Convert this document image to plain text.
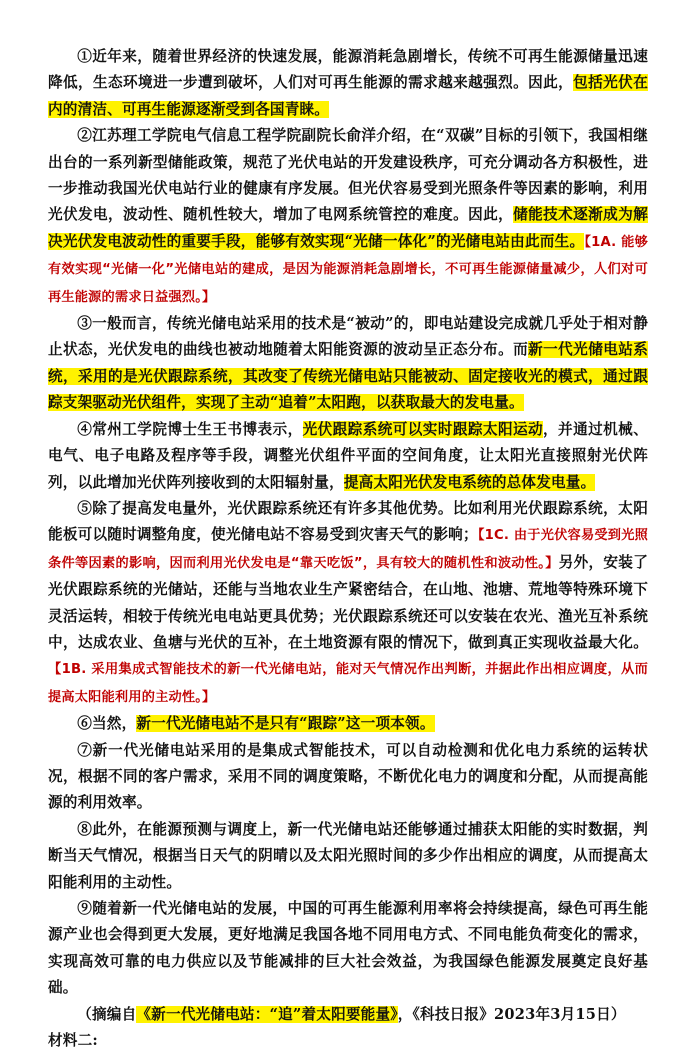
①近年来，随着世界经济的快速发展，能源消耗急剧增长，传统不可再生能源储量迅速降低，生态环境进一步遭到破坏，人们对可再生能源的需求越来越强烈。因此，包括光伏在内的清洁、可再生能源逐渐受到各国青睐。

②江苏理工学院电气信息工程学院副院长俞洋介绍，在“双碳”目标的引领下，我国相继出台的一系列新型储能政策，规范了光伏电站的开发建设秩序，可充分调动各方积极性，进一步推动我国光伏电站行业的健康有序发展。但光伏容易受到光照条件等因素的影响，利用光伏发电，波动性、随机性较大，增加了电网系统管控的难度。因此，储能技术逐渐成为解决光伏发电波动性的重要手段，能够有效实现“光储一体化”的光储电站由此而生。【1A. 能够有效实现“光储一化”光储电站的建成，是因为能源消耗急剧增长，不可再生能源储量减少，人们对可再生能源的需求日益强烈。】

③一般而言，传统光储电站采用的技术是“被动”的，即电站建设完成就几乎处于相对静止状态，光伏发电的曲线也被动地随着太阳能资源的波动呈正态分布。而新一代光储电站系统，采用的是光伏跟踪系统，其改变了传统光储电站只能被动、固定接收光的模式，通过跟踪支架驱动光伏组件，实现了主动“追着”太阳跑，以获取最大的发电量。

④常州工学院博士生王书博表示，光伏跟踪系统可以实时跟踪太阳运动，并通过机械、电气、电子电路及程序等手段，调整光伏组件平面的空间角度，让太阳光直接照射光伏阵列，以此增加光伏阵列接收到的太阳辐射量，提高太阳光伏发电系统的总体发电量。

⑤除了提高发电量外，光伏跟踪系统还有许多其他优势。比如利用光伏跟踪系统，太阳能板可以随时调整角度，使光储电站不容易受到灾害天气的影响；【1C. 由于光伏容易受到光照条件等因素的影响，因而利用光伏发电是“靠天吃饭”，具有较大的随机性和波动性。】另外，安装了光伏跟踪系统的光储站，还能与当地农业生产紧密结合，在山地、池塘、荒地等特殊环境下灵活运转，相较于传统光电电站更具优势；光伏跟踪系统还可以安装在农光、渔光互补系统中，达成农业、鱼塘与光伏的互补，在土地资源有限的情况下，做到真正实现收益最大化。【1B. 采用集成式智能技术的新一代光储电站，能对天气情况作出判断，并据此作出相应调度，从而提高太阳能利用的主动性。】

⑥当然，新一代光储电站不是只有“跟踪”这一项本领。

⑦新一代光储电站采用的是集成式智能技术，可以自动检测和优化电力系统的运转状况，根据不同的客户需求，采用不同的调度策略，不断优化电力的调度和分配，从而提高能源的利用效率。

⑧此外，在能源预测与调度上，新一代光储电站还能够通过捕获太阳能的实时数据，判断当天气情况，根据当日天气的阴晴以及太阳光照时间的多少作出相应的调度，从而提高太阳能利用的主动性。

⑨随着新一代光储电站的发展，中国的可再生能源利用率将会持续提高，绿色可再生能源产业也会得到更大发展，更好地满足我国各地不同用电方式、不同电能负荷变化的需求，实现高效可靠的电力供应以及节能减排的巨大社会效益，为我国绿色能源发展奠定良好基础。

（摘编自《新一代光储电站：“追”着太阳要能量》，《科技日报》2023年3月15日）

材料二:
